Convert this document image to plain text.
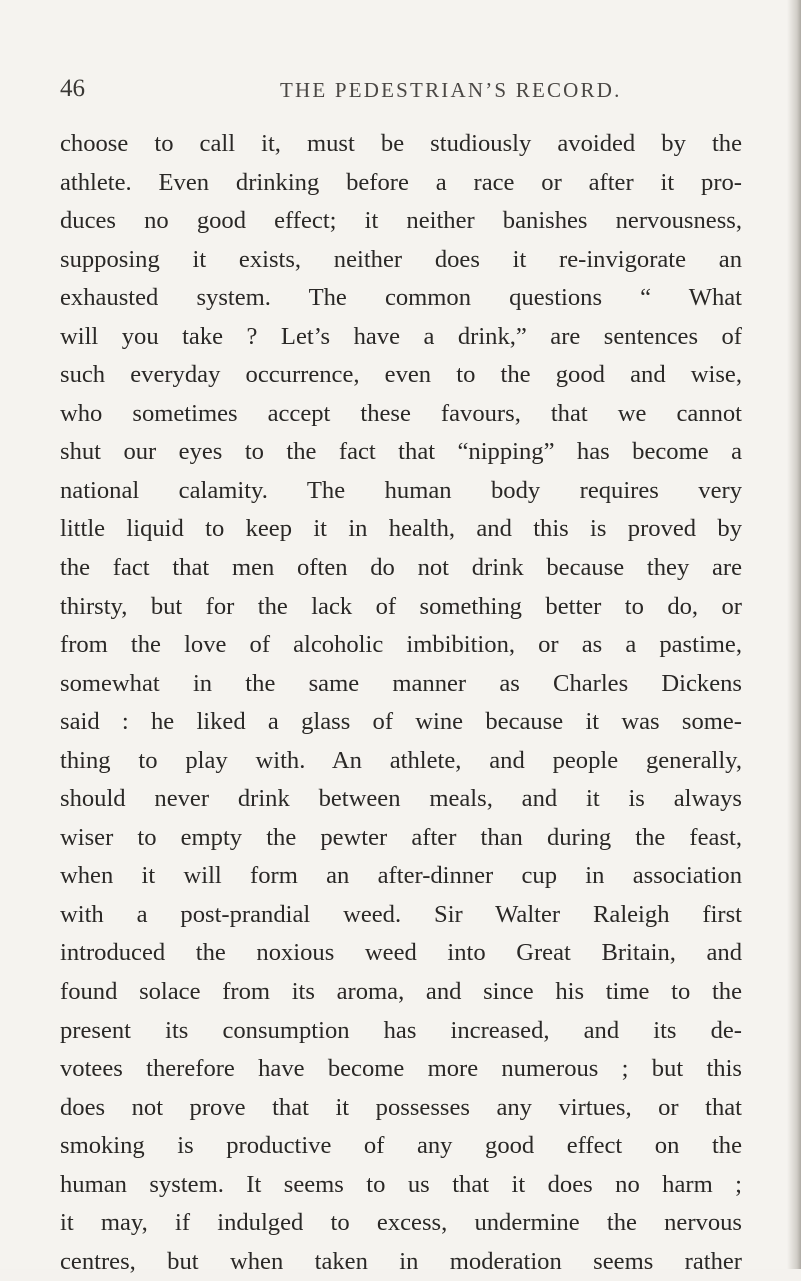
46	THE PEDESTRIAN’S RECORD.
choose to call it, must be studiously avoided by the
athlete. Even drinking before a race or after it pro-
duces no good effect; it neither banishes nervousness,
supposing it exists, neither does it re-invigorate an
exhausted system. The common questions “ What
will you take ? Let’s have a drink,” are sentences of
such everyday occurrence, even to the good and wise,
who sometimes accept these favours, that we cannot
shut our eyes to the fact that “nipping” has become a
national calamity. The human body requires very
little liquid to keep it in health, and this is proved by
the fact that men often do not drink because they are
thirsty, but for the lack of something better to do, or
from the love of alcoholic imbibition, or as a pastime,
somewhat in the same manner as Charles Dickens
said : he liked a glass of wine because it was some-
thing to play with. An athlete, and people generally,
should never drink between meals, and it is always
wiser to empty the pewter after than during the feast,
when it will form an after-dinner cup in association
with a post-prandial weed. Sir Walter Raleigh first
introduced the noxious weed into Great Britain, and
found solace from its aroma, and since his time to the
present its consumption has increased, and its de-
votees therefore have become more numerous ; but this
does not prove that it possesses any virtues, or that
smoking is productive of any good effect on the
human system. It seems to us that it does no harm ;
it may, if indulged to excess, undermine the nervous
centres, but when taken in moderation seems rather
